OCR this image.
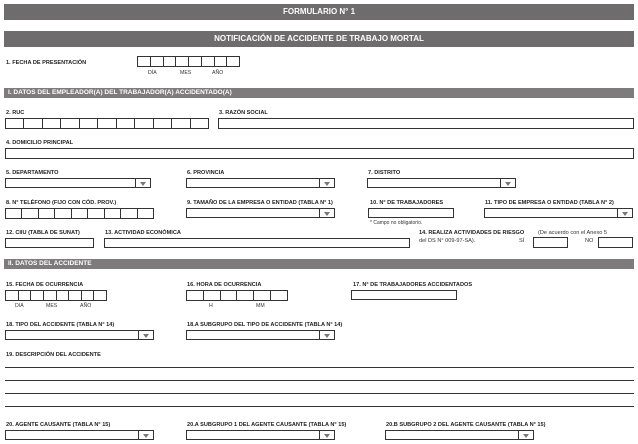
FORMULARIO N° 1
NOTIFICACIÓN DE ACCIDENTE DE TRABAJO MORTAL
1. FECHA DE PRESENTACIÓN
DÍA	MES	AÑO
I. DATOS DEL EMPLEADOR(A) DEL TRABAJADOR(A) ACCIDENTADO(A)
2. RUC	3. RAZÓN SOCIAL
4. DOMICILIO PRINCIPAL
5. DEPARTAMENTO	6. PROVINCIA	7. DISTRITO
8. N° TELÉFONO (FIJO CON CÓD. PROV.)	9. TAMAÑO DE LA EMPRESA O ENTIDAD (TABLA N° 1)	10. N° DE TRABAJADORES
* Campo no obligatorio.
11. TIPO DE EMPRESA O ENTIDAD (TABLA N° 2)
12. CIIU (TABLA DE SUNAT)	13. ACTIVIDAD ECONÓMICA	14. REALIZA ACTIVIDADES DE RIESGO (De acuerdo con el Anexo 5
del DS N° 009-97-SA).	SÍ	NO
II. DATOS DEL ACCIDENTE
15. FECHA DE OCURRENCIA
DIA	MES	AÑO
16. HORA DE OCURRENCIA
H	MM
17. N° DE TRABAJADORES ACCIDENTADOS
18. TIPO DEL ACCIDENTE (TABLA N° 14)	18.A SUBGRUPO DEL TIPO DE ACCIDENTE (TABLA N° 14)
19. DESCRIPCIÓN DEL ACCIDENTE
20. AGENTE CAUSANTE (TABLA N° 15)	20.A SUBGRUPO 1 DEL AGENTE CAUSANTE (TABLA N° 15)	20.B SUBGRUPO 2 DEL AGENTE CAUSANTE (TABLA N° 15)
